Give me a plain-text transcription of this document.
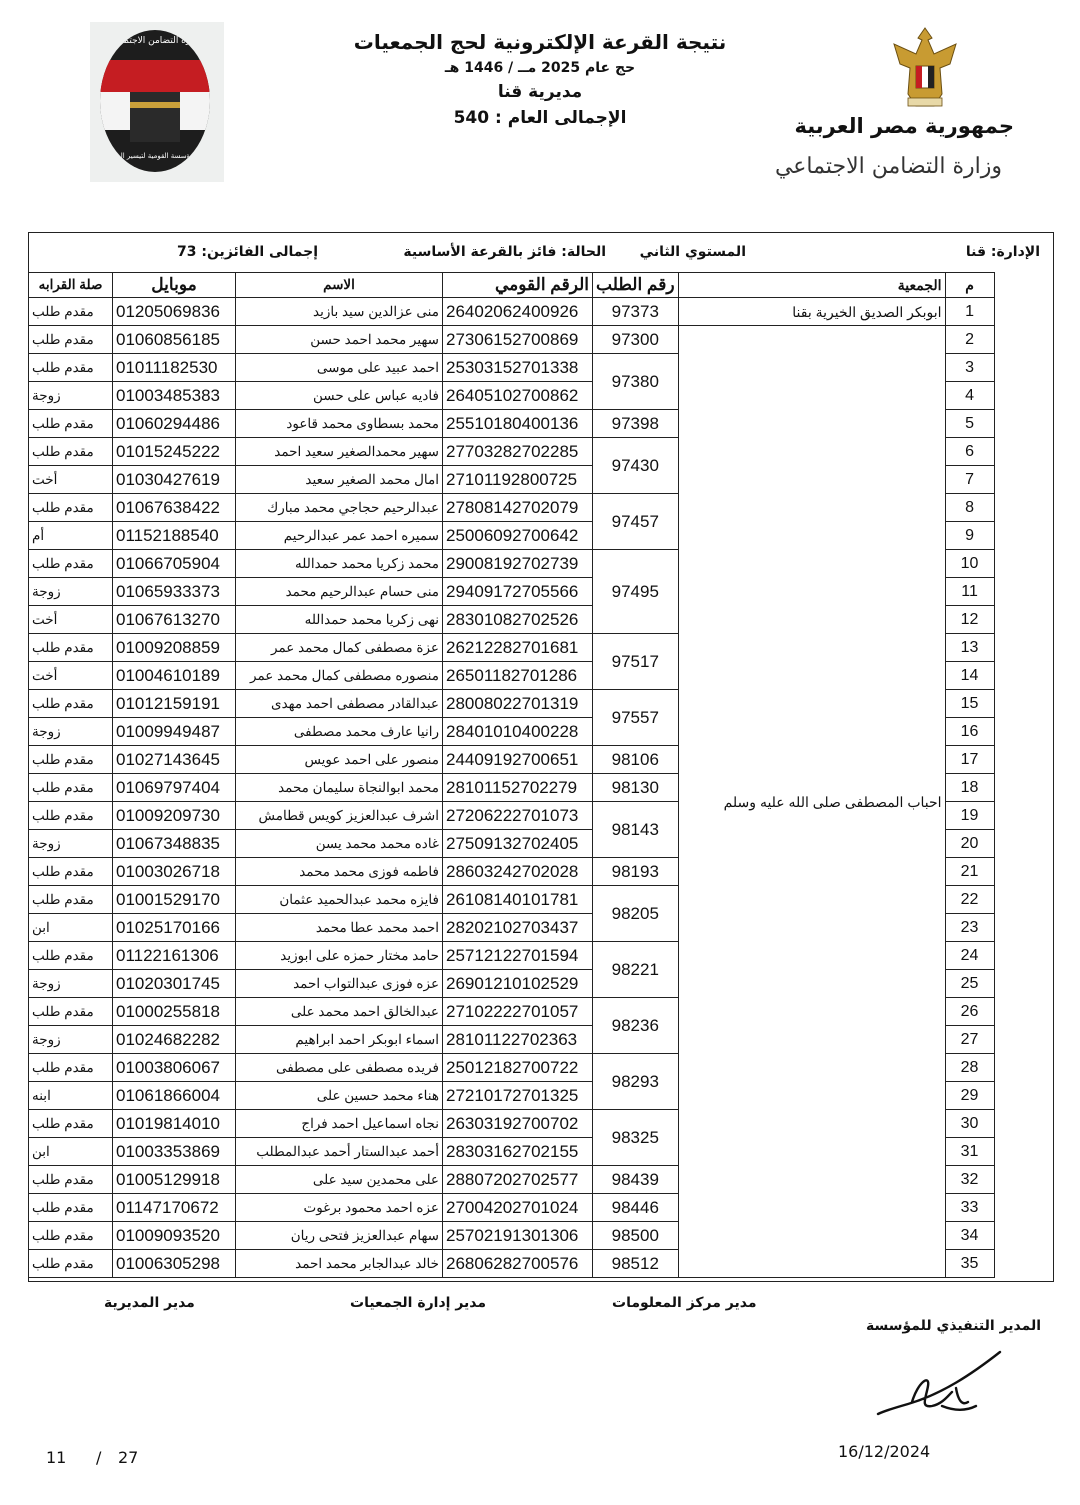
وزارة التضامن الاجتماعي
المؤسسة القومية لتيسير الحج
نتيجة القرعة الإلكترونية لحج الجمعيات
حج عام 2025 مــ / 1446 هـ
مديرية قنا
الإجمالى العام : 540	جمهورية مصر العربية
وزارة التضامن الاجتماعي
الإدارة: قنا
المستوي الثاني
الحالة: فائز بالقرعة الأساسية
إجمالى الفائزين: 73
م	الجمعية	رقم الطلب	الرقم القومي	الاسم	موبايل	صلة القرابه
1	ابوبكر الصديق الخيرية بقنا	97373	26402062400926	منى عزالدين سيد بازيد	01205069836	مقدم طلب
2	احباب المصطفى صلى الله عليه وسلم	97300	27306152700869	سهير محمد احمد حسن	01060856185	مقدم طلب
3		97380	25303152701338	احمد عبيد على موسى	01011182530	مقدم طلب
4			26405102700862	فاديه عباس على حسن	01003485383	زوجة
5		97398	25510180400136	محمد بسطاوى محمد قاعود	01060294486	مقدم طلب
6		97430	27703282702285	سهير محمدالصغير سعيد احمد	01015245222	مقدم طلب
7			27101192800725	امال محمد الصغير سعيد	01030427619	أخت
8		97457	27808142702079	عبدالرحيم حجاجي محمد مبارك	01067638422	مقدم طلب
9			25006092700642	سميره احمد عمر عبدالرحيم	01152188540	أم
10		97495	29008192702739	محمد زكريا محمد حمدالله	01066705904	مقدم طلب
11			29409172705566	منى حسام عبدالرحيم محمد	01065933373	زوجة
12			28301082702526	نهى زكريا محمد حمدالله	01067613270	أخت
13		97517	26212282701681	عزة مصطفى كمال محمد عمر	01009208859	مقدم طلب
14			26501182701286	منصوره مصطفى كمال محمد عمر	01004610189	أخت
15		97557	28008022701319	عبدالقادر مصطفى احمد مهدى	01012159191	مقدم طلب
16			28401010400228	رانيا عارف محمد مصطفى	01009949487	زوجة
17		98106	24409192700651	منصور على احمد عويس	01027143645	مقدم طلب
18		98130	28101152702279	محمد ابوالنجاة سليمان محمد	01069797404	مقدم طلب
19		98143	27206222701073	اشرف عبدالعزيز كويس قطامش	01009209730	مقدم طلب
20			27509132702405	غاده محمد محمد يسن	01067348835	زوجة
21		98193	28603242702028	فاطمه فوزى محمد محمد	01003026718	مقدم طلب
22		98205	26108140101781	فايزه محمد عبدالحميد عثمان	01001529170	مقدم طلب
23			28202102703437	احمد محمد عطا محمد	01025170166	ابن
24		98221	25712122701594	حامد مختار حمزه على ابوزيد	01122161306	مقدم طلب
25			26901210102529	عزه فوزى عبدالتواب احمد	01020301745	زوجة
26		98236	27102222701057	عبدالخالق احمد محمد على	01000255818	مقدم طلب
27			28101122702363	اسماء ابوبكر احمد ابراهيم	01024682282	زوجة
28		98293	25012182700722	فريده مصطفى على مصطفى	01003806067	مقدم طلب
29			27210172701325	هناء محمد حسين على	01061866004	ابنه
30		98325	26303192700702	نجاه اسماعيل احمد فراج	01019814010	مقدم طلب
31			28303162702155	أحمد عبدالستار أحمد عبدالمطلب	01003353869	ابن
32		98439	28807202702577	على محمدين سيد على	01005129918	مقدم طلب
33		98446	27004202701024	عزه احمد محمود برغوت	01147170672	مقدم طلب
34		98500	25702191301306	سهام عبدالعزيز فتحى ريان	01009093520	مقدم طلب
35		98512	26806282700576	خالد عبدالجابر محمد احمد	01006305298	مقدم طلب
مدير المديرية	مدير إدارة الجمعيات	مدير مركز المعلومات
المدير التنفيذي للمؤسسة
16/12/2024
11 / 27
